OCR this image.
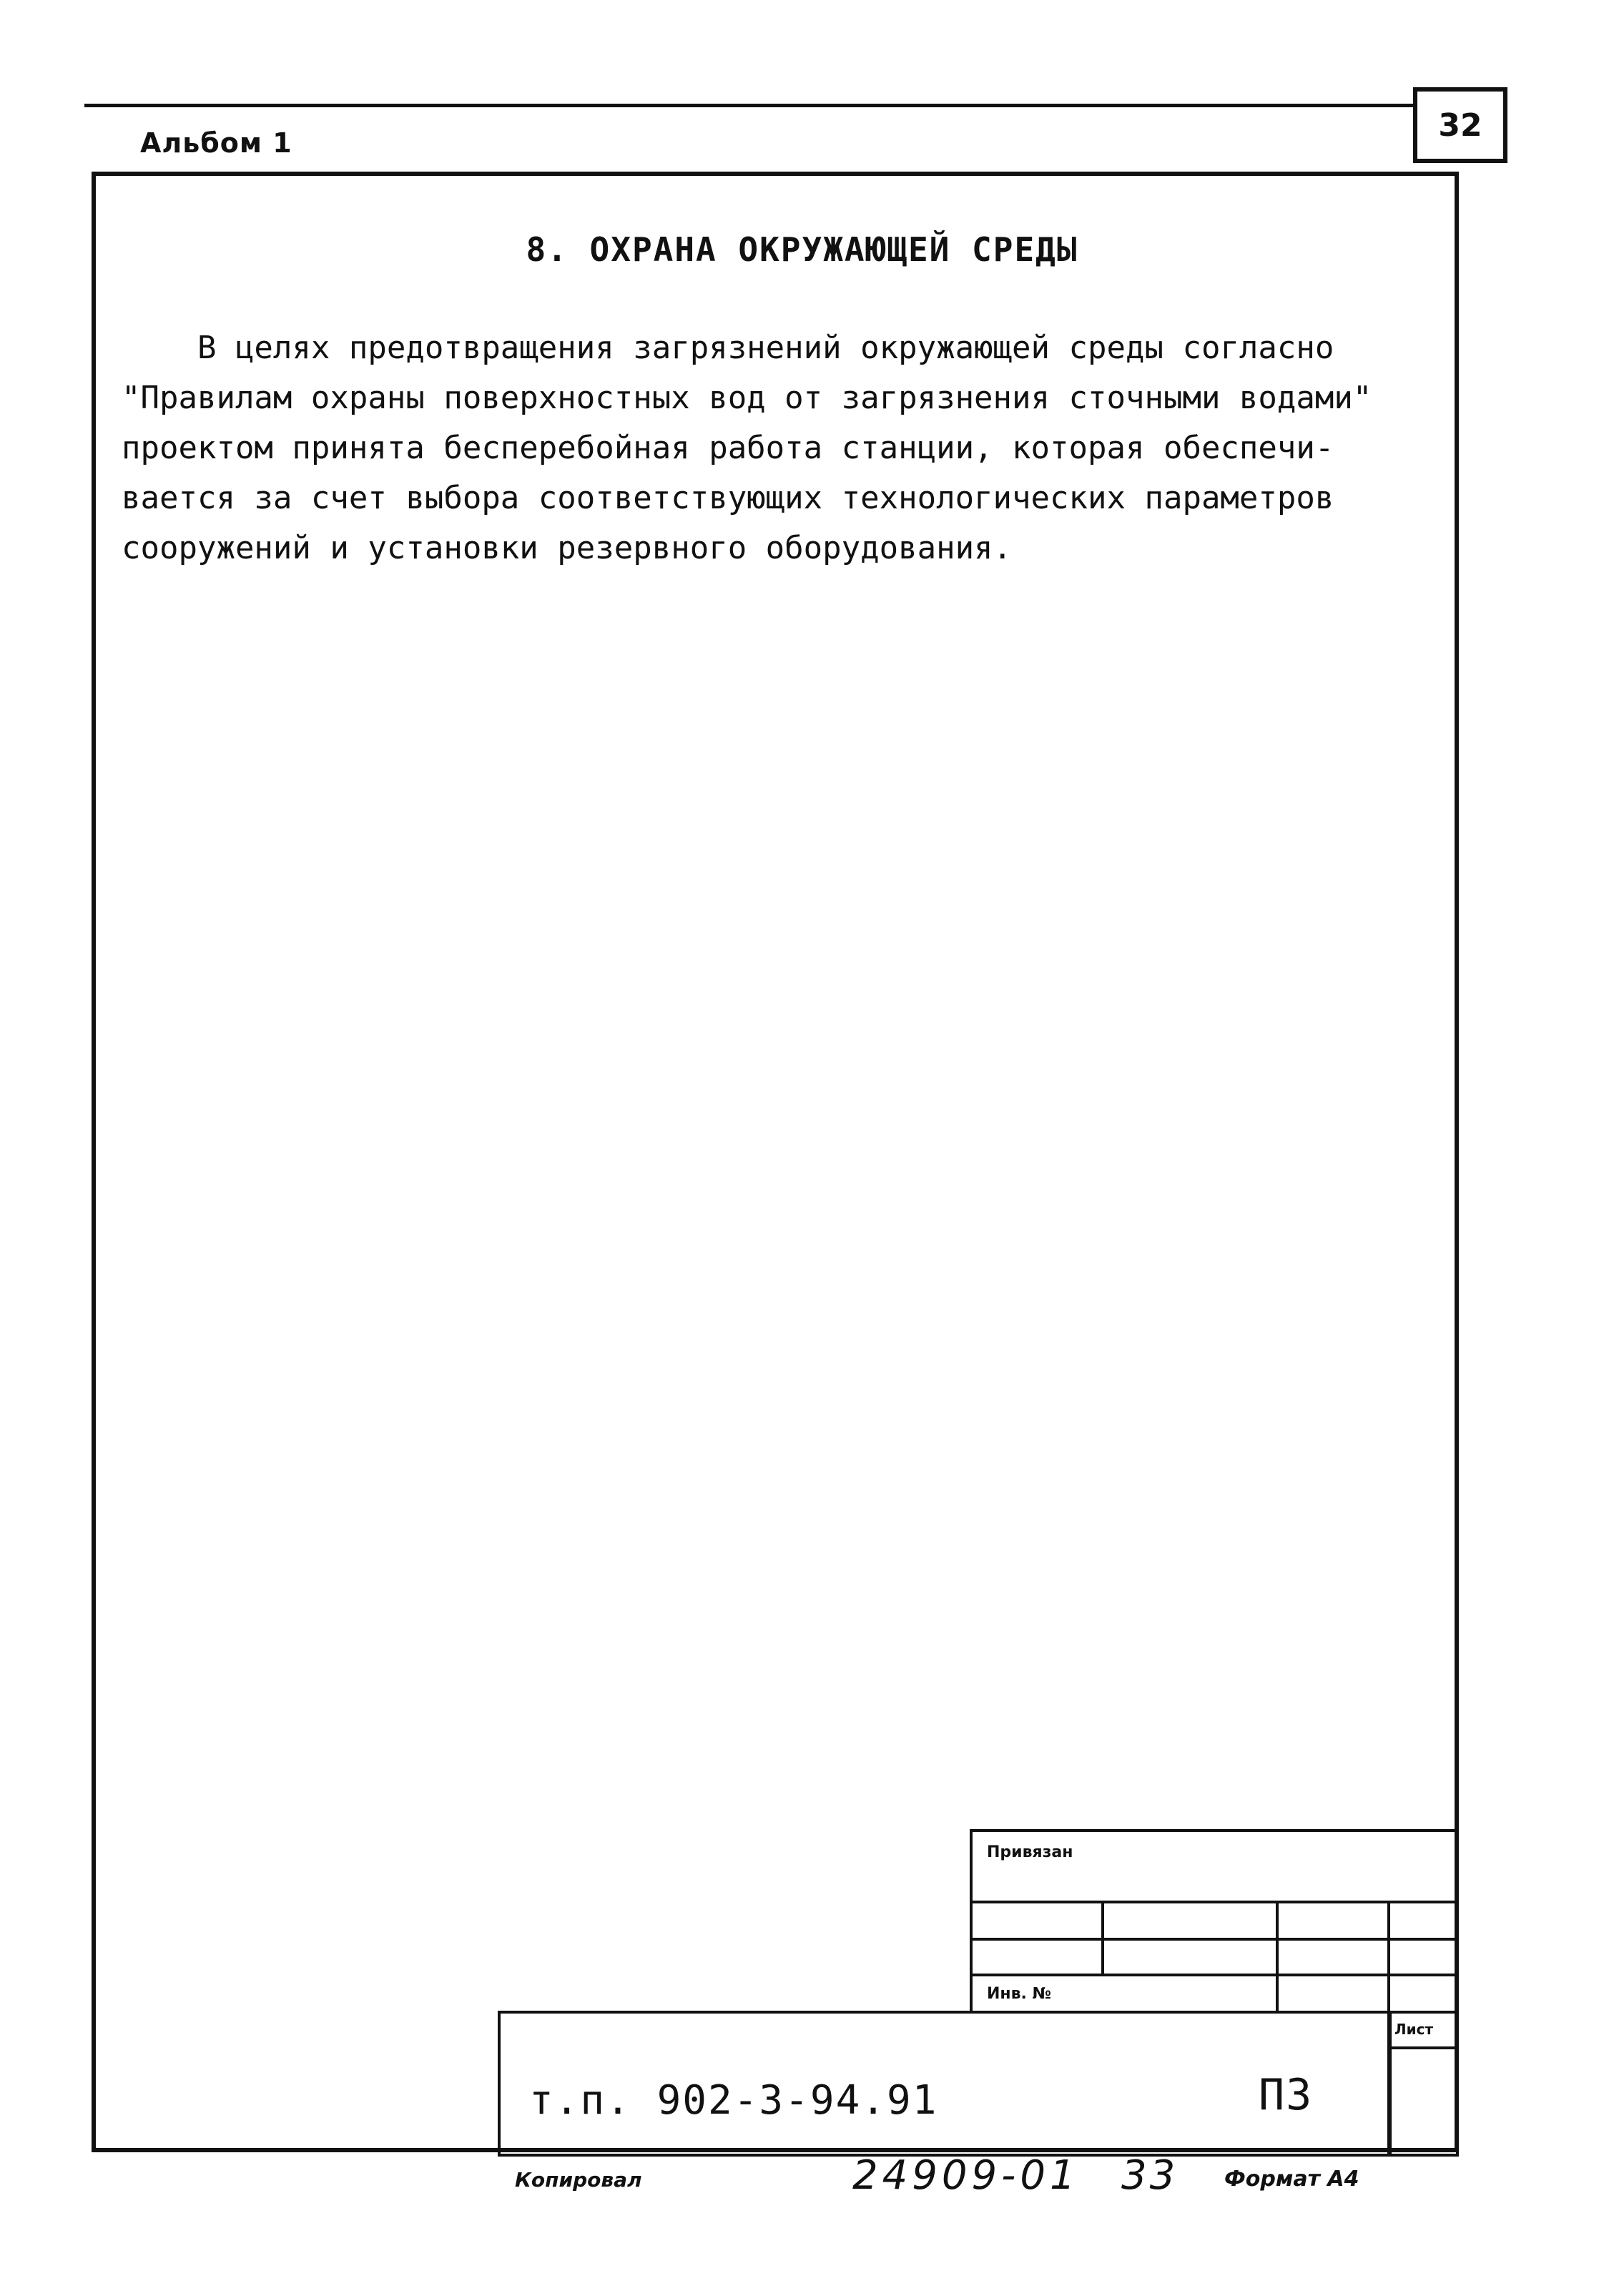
Альбом 1	32
8. ОХРАНА ОКРУЖАЮЩЕЙ СРЕДЫ
В целях предотвращения загрязнений окружающей среды согласно
"Правилам охраны поверхностных вод от загрязнения сточными водами"
проектом принята бесперебойная работа станции, которая обеспечи-
вается за счет выбора соответствующих технологических параметров
сооружений и установки резервного оборудования.
Привязан
Инв. №
Лист
т.п. 902-3-94.91	ПЗ
Копировал	24909-01 33 Формат А4
